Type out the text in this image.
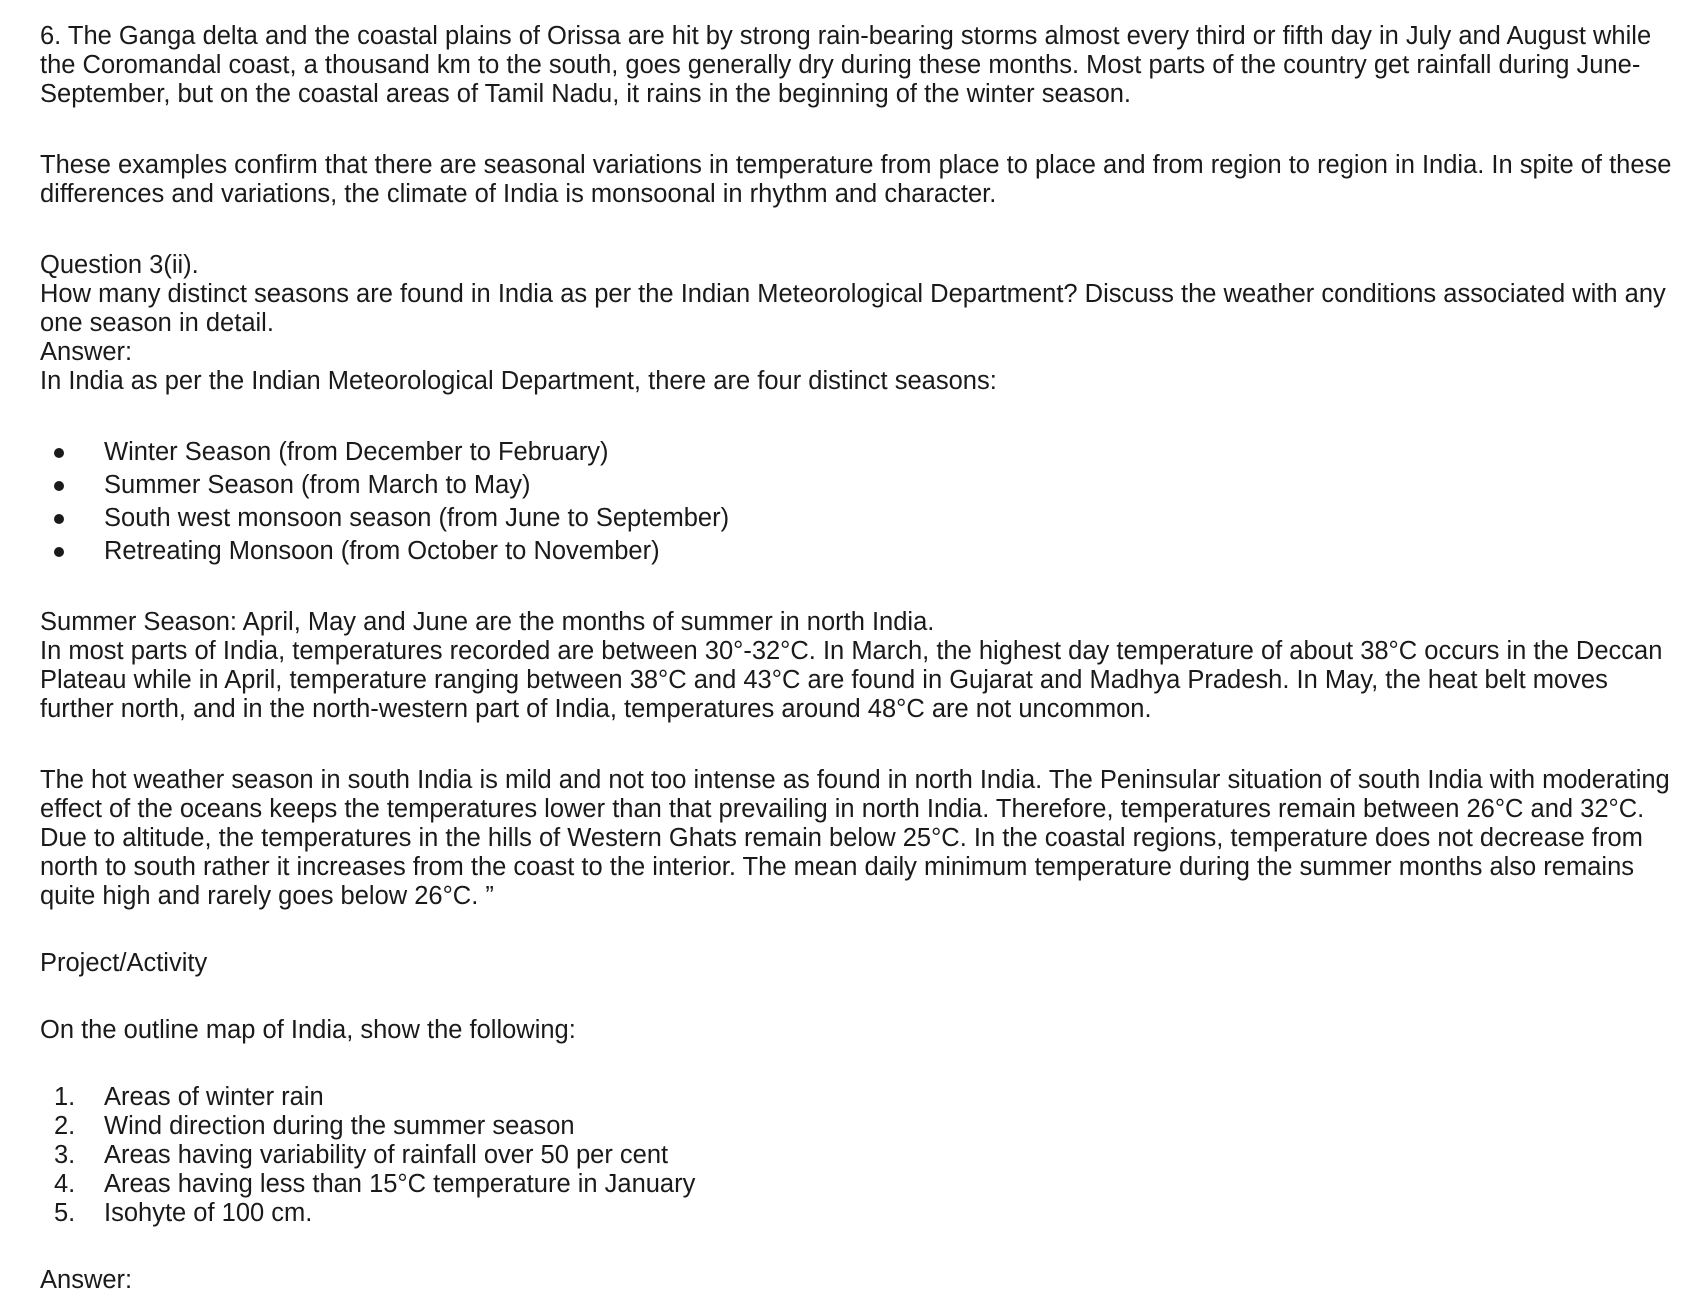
6. The Ganga delta and the coastal plains of Orissa are hit by strong rain-bearing storms almost every third or fifth day in July and August while the Coromandal coast, a thousand km to the south, goes generally dry during these months. Most parts of the country get rainfall during June-September, but on the coastal areas of Tamil Nadu, it rains in the beginning of the winter season.

These examples confirm that there are seasonal variations in temperature from place to place and from region to region in India. In spite of these differences and variations, the climate of India is monsoonal in rhythm and character.

Question 3(ii).

How many distinct seasons are found in India as per the Indian Meteorological Department? Discuss the weather conditions associated with any one season in detail.

Answer:

In India as per the Indian Meteorological Department, there are four distinct seasons:

Winter Season (from December to February)
Summer Season (from March to May)
South west monsoon season (from June to September)
Retreating Monsoon (from October to November)

Summer Season: April, May and June are the months of summer in north India.

In most parts of India, temperatures recorded are between 30°-32°C. In March, the highest day temperature of about 38°C occurs in the Deccan Plateau while in April, temperature ranging between 38°C and 43°C are found in Gujarat and Madhya Pradesh. In May, the heat belt moves further north, and in the north-western part of India, temperatures around 48°C are not uncommon.

The hot weather season in south India is mild and not too intense as found in north India. The Peninsular situation of south India with moderating effect of the oceans keeps the temperatures lower than that prevailing in north India. Therefore, temperatures remain between 26°C and 32°C. Due to altitude, the temperatures in the hills of Western Ghats remain below 25°C. In the coastal regions, temperature does not decrease from north to south rather it increases from the coast to the interior. The mean daily minimum temperature during the summer months also remains quite high and rarely goes below 26°C. ”

Project/Activity

On the outline map of India, show the following:

1. Areas of winter rain
2. Wind direction during the summer season
3. Areas having variability of rainfall over 50 per cent
4. Areas having less than 15°C temperature in January
5. Isohyte of 100 cm.

Answer:
